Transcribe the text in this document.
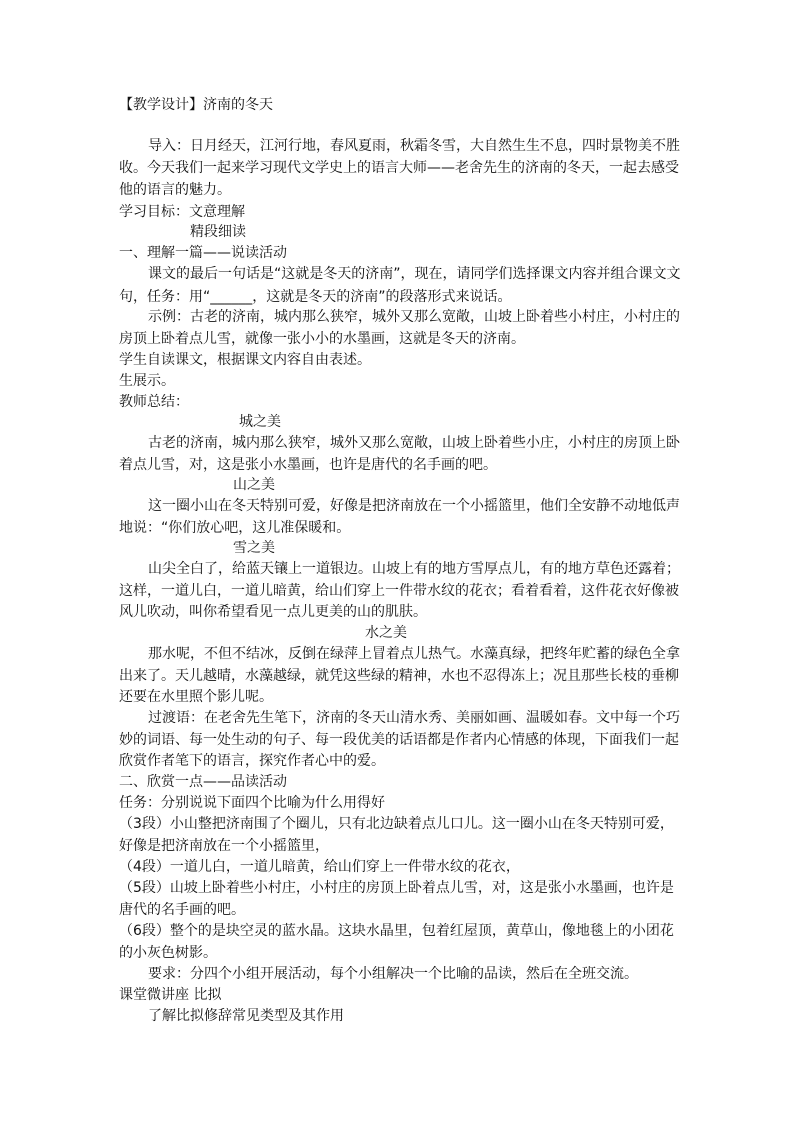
【教学设计】济南的冬天
导入：日月经天，江河行地，春风夏雨，秋霜冬雪，大自然生生不息，四时景物美不胜
收。今天我们一起来学习现代文学史上的语言大师——老舍先生的济南的冬天，一起去感受
他的语言的魅力。
学习目标：文意理解
精段细读
一、理解一篇——说读活动
课文的最后一句话是“这就是冬天的济南”，现在，请同学们选择课文内容并组合课文文
句，任务：用“______，这就是冬天的济南”的段落形式来说话。
示例：古老的济南，城内那么狭窄，城外又那么宽敞，山坡上卧着些小村庄，小村庄的
房顶上卧着点儿雪，就像一张小小的水墨画，这就是冬天的济南。
学生自读课文，根据课文内容自由表述。
生展示。
教师总结：
城之美
古老的济南，城内那么狭窄，城外又那么宽敞，山坡上卧着些小庄，小村庄的房顶上卧
着点儿雪，对，这是张小水墨画，也许是唐代的名手画的吧。
山之美
这一圈小山在冬天特别可爱，好像是把济南放在一个小摇篮里，他们全安静不动地低声
地说：“你们放心吧，这儿准保暖和。
雪之美
山尖全白了，给蓝天镶上一道银边。山坡上有的地方雪厚点儿，有的地方草色还露着；
这样，一道儿白，一道儿暗黄，给山们穿上一件带水纹的花衣；看着看着，这件花衣好像被
风儿吹动，叫你希望看见一点儿更美的山的肌肤。
水之美
那水呢，不但不结冰，反倒在绿萍上冒着点儿热气。水藻真绿，把终年贮蓄的绿色全拿
出来了。天儿越晴，水藻越绿，就凭这些绿的精神，水也不忍得冻上；况且那些长枝的垂柳
还要在水里照个影儿呢。
过渡语：在老舍先生笔下，济南的冬天山清水秀、美丽如画、温暖如春。文中每一个巧
妙的词语、每一处生动的句子、每一段优美的话语都是作者内心情感的体现，下面我们一起
欣赏作者笔下的语言，探究作者心中的爱。
二、欣赏一点——品读活动
任务：分别说说下面四个比喻为什么用得好
（3段）小山整把济南围了个圈儿，只有北边缺着点儿口儿。这一圈小山在冬天特别可爱，
好像是把济南放在一个小摇篮里，
（4段）一道儿白，一道儿暗黄，给山们穿上一件带水纹的花衣，
（5段）山坡上卧着些小村庄，小村庄的房顶上卧着点儿雪，对，这是张小水墨画，也许是
唐代的名手画的吧。
（6段）整个的是块空灵的蓝水晶。这块水晶里，包着红屋顶，黄草山，像地毯上的小团花
的小灰色树影。
要求：分四个小组开展活动，每个小组解决一个比喻的品读，然后在全班交流。
课堂微讲座 比拟
了解比拟修辞常见类型及其作用
